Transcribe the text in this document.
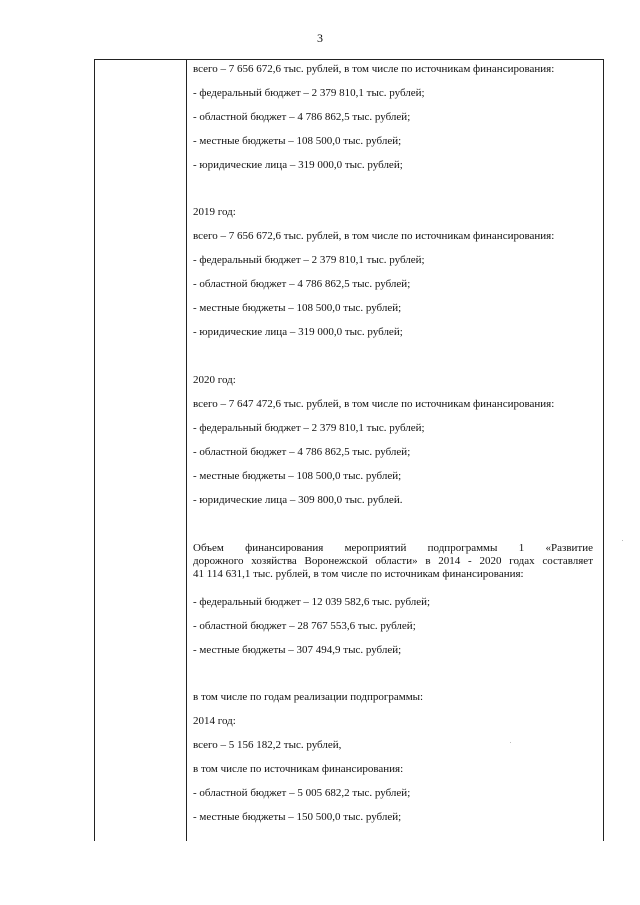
3
всего – 7 656 672,6 тыс. рублей, в том числе по источникам финансирования:
- федеральный бюджет – 2 379 810,1 тыс. рублей;
- областной бюджет – 4 786 862,5 тыс. рублей;
- местные бюджеты – 108 500,0 тыс. рублей;
- юридические лица – 319 000,0 тыс. рублей;
2019 год:
всего – 7 656 672,6 тыс. рублей, в том числе по источникам финансирования:
- федеральный бюджет – 2 379 810,1 тыс. рублей;
- областной бюджет – 4 786 862,5 тыс. рублей;
- местные бюджеты – 108 500,0 тыс. рублей;
- юридические лица – 319 000,0 тыс. рублей;
2020 год:
всего – 7 647 472,6 тыс. рублей, в том числе по источникам финансирования:
- федеральный бюджет – 2 379 810,1 тыс. рублей;
- областной бюджет – 4 786 862,5 тыс. рублей;
- местные бюджеты – 108 500,0 тыс. рублей;
- юридические лица – 309 800,0 тыс. рублей.
Объем финансирования мероприятий подпрограммы 1 «Развитие
дорожного хозяйства Воронежской области» в 2014 - 2020 годах составляет
41 114 631,1 тыс. рублей, в том числе по источникам финансирования:
- федеральный бюджет – 12 039 582,6 тыс. рублей;
- областной бюджет – 28 767 553,6 тыс. рублей;
- местные бюджеты – 307 494,9 тыс. рублей;
в том числе по годам реализации подпрограммы:
2014 год:
всего – 5 156 182,2 тыс. рублей,
в том числе по источникам финансирования:
- областной бюджет – 5 005 682,2 тыс. рублей;
- местные бюджеты – 150 500,0 тыс. рублей;
